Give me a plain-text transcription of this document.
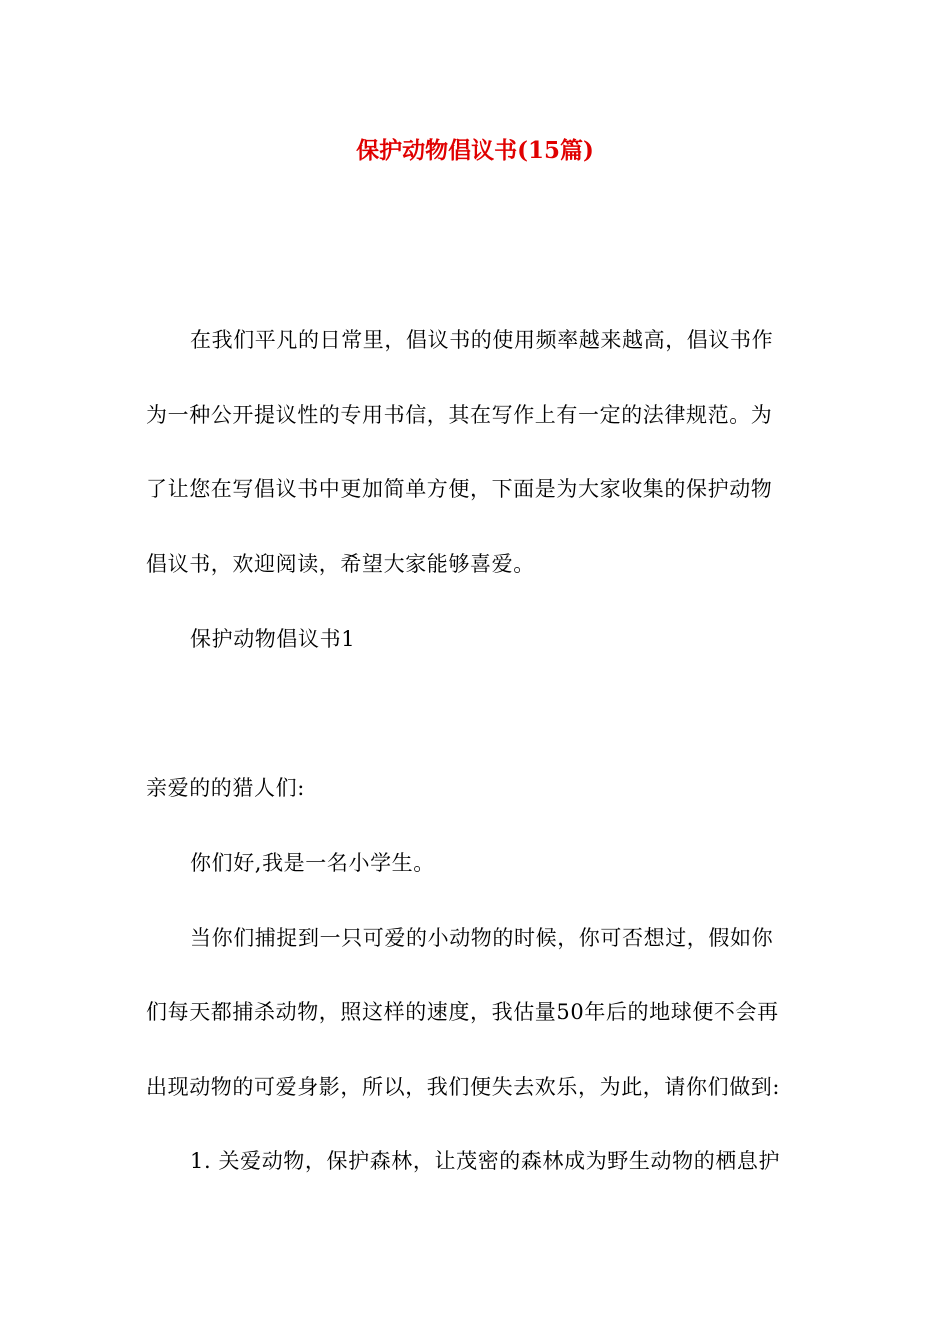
保护动物倡议书(15篇)
在我们平凡的日常里，倡议书的使用频率越来越高，倡议书作
为一种公开提议性的专用书信，其在写作上有一定的法律规范。为
了让您在写倡议书中更加简单方便，下面是为大家收集的保护动物
倡议书，欢迎阅读，希望大家能够喜爱。
保护动物倡议书1
亲爱的的猎人们:
你们好,我是一名小学生。
当你们捕捉到一只可爱的小动物的时候，你可否想过，假如你
们每天都捕杀动物，照这样的速度，我估量50年后的地球便不会再
出现动物的可爱身影，所以，我们便失去欢乐，为此，请你们做到:
1. 关爱动物，保护森林，让茂密的森林成为野生动物的栖息护
